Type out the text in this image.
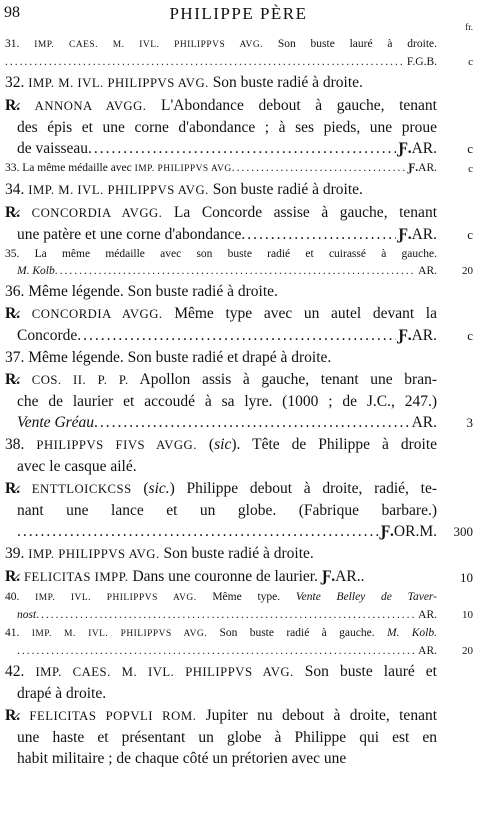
98	PHILIPPE PÈRE
fr.
31. IMP. CAES. M. IVL. PHILIPPVS AVG. Son buste lauré à droite.
.....
F.G.B.	c
32. IMP. M. IVL. PHILIPPVS AVG. Son buste radié à droite.
R̷. ANNONA AVGG. L'Abondance debout à gauche, tenant
des épis et une corne d'abondance ; à ses pieds, une proue
de vaisseau .....	Ƒ.AR.	c
33. La même médaille avec IMP. PHILIPPVS AVG .....	Ƒ.AR.	c
34. IMP. M. IVL. PHILIPPVS AVG. Son buste radié à droite.
R̷. CONCORDIA AVGG. La Concorde assise à gauche, tenant
une patère et une corne d'abondance .....	Ƒ.AR.	c
35. La même médaille avec son buste radié et cuirassé à gauche.
M. Kolb .....	AR.	20
36. Même légende. Son buste radié à droite.
R̷. CONCORDIA AVGG. Même type avec un autel devant la
Concorde .....	Ƒ.AR.	c
37. Même légende. Son buste radié et drapé à droite.
R̷. COS. II. P. P. Apollon assis à gauche, tenant une bran-
che de laurier et accoudé à sa lyre. (1000 ; de J.C., 247.)
Vente Gréau .....	AR.	3
38. PHILIPPVS FIVS AVGG. (sic). Tête de Philippe à droite
avec le casque ailé.
R̷. ENTTLOICKCSS (sic.) Philippe debout à droite, radié, te-
nant une lance et un globe. (Fabrique barbare.)
.....
Ƒ.OR.M.	300
39. IMP. PHILIPPVS AVG. Son buste radié à droite.
R̷. FELICITAS IMPP. Dans une couronne de laurier. Ƒ.AR..	10
40. IMP. IVL. PHILIPPVS AVG. Même type. Vente Belley de Taver-
nost .....	AR.	10
41. IMP. M. IVL. PHILIPPVS AVG. Son buste radié à gauche. M. Kolb.
.....
AR.	20
42. IMP. CAES. M. IVL. PHILIPPVS AVG. Son buste lauré et
drapé à droite.
R̷. FELICITAS POPVLI ROM. Jupiter nu debout à droite, tenant
une haste et présentant un globe à Philippe qui est en
habit militaire ; de chaque côté un prétorien avec une
